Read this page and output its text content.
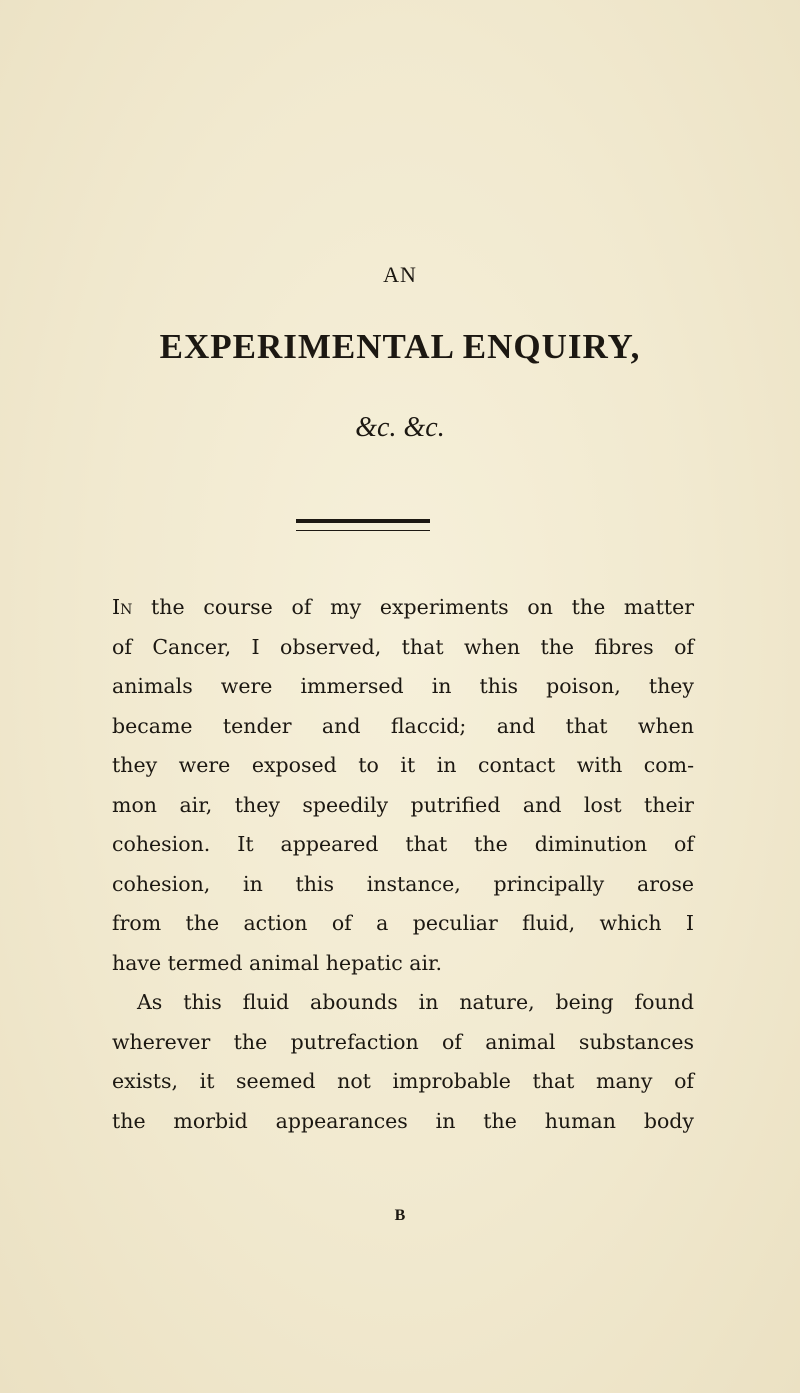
AN
EXPERIMENTAL ENQUIRY,
&c. &c.
In the course of my experiments on the matter
of Cancer, I observed, that when the fibres of
animals were immersed in this poison, they
became tender and flaccid; and that when
they were exposed to it in contact with com-
mon air, they speedily putrified and lost their
cohesion. It appeared that the diminution of
cohesion, in this instance, principally arose
from the action of a peculiar fluid, which I
have termed animal hepatic air.
As this fluid abounds in nature, being found
wherever the putrefaction of animal substances
exists, it seemed not improbable that many of
the morbid appearances in the human body
B
